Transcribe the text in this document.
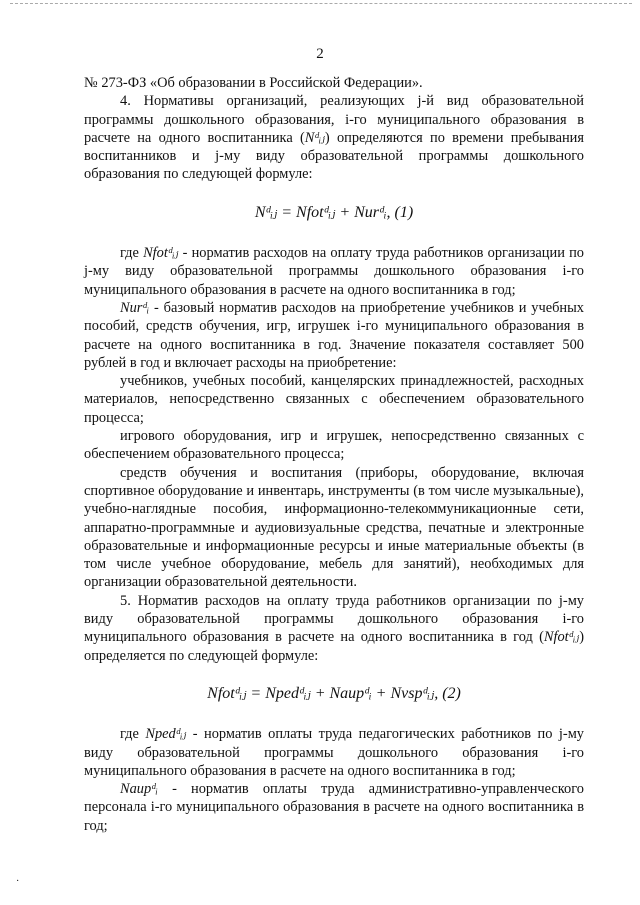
2

№ 273-ФЗ «Об образовании в Российской Федерации».

4. Нормативы организаций, реализующих j-й вид образовательной программы дошкольного образования, i-го муниципального образования в расчете на одного воспитанника (Nᵈᵢⱼ) определяются по времени пребывания воспитанников и j-му виду образовательной программы дошкольного образования по следующей формуле:

Nᵈᵢⱼ = Nfotᵈᵢⱼ + Nurᵈᵢ, (1)

где Nfotᵈᵢⱼ - норматив расходов на оплату труда работников организации по j-му виду образовательной программы дошкольного образования i-го муниципального образования в расчете на одного воспитанника в год;

Nurᵈᵢ - базовый норматив расходов на приобретение учебников и учебных пособий, средств обучения, игр, игрушек i-го муниципального образования в расчете на одного воспитанника в год. Значение показателя составляет 500 рублей в год и включает расходы на приобретение:

учебников, учебных пособий, канцелярских принадлежностей, расходных материалов, непосредственно связанных с обеспечением образовательного процесса;

игрового оборудования, игр и игрушек, непосредственно связанных с обеспечением образовательного процесса;

средств обучения и воспитания (приборы, оборудование, включая спортивное оборудование и инвентарь, инструменты (в том числе музыкальные), учебно-наглядные пособия, информационно-телекоммуникационные сети, аппаратно-программные и аудиовизуальные средства, печатные и электронные образовательные и информационные ресурсы и иные материальные объекты (в том числе учебное оборудование, мебель для занятий), необходимых для организации образовательной деятельности.

5. Норматив расходов на оплату труда работников организации по j-му виду образовательной программы дошкольного образования i-го муниципального образования в расчете на одного воспитанника в год (Nfotᵈᵢⱼ) определяется по следующей формуле:

Nfotᵈᵢⱼ = Npedᵈᵢⱼ + Naupᵈᵢ + Nvspᵈᵢⱼ, (2)

где Npedᵈᵢⱼ - норматив оплаты труда педагогических работников по j-му виду образовательной программы дошкольного образования i-го муниципального образования в расчете на одного воспитанника в год;

Naupᵈᵢ - норматив оплаты труда административно-управленческого персонала i-го муниципального образования в расчете на одного воспитанника в год;

·
